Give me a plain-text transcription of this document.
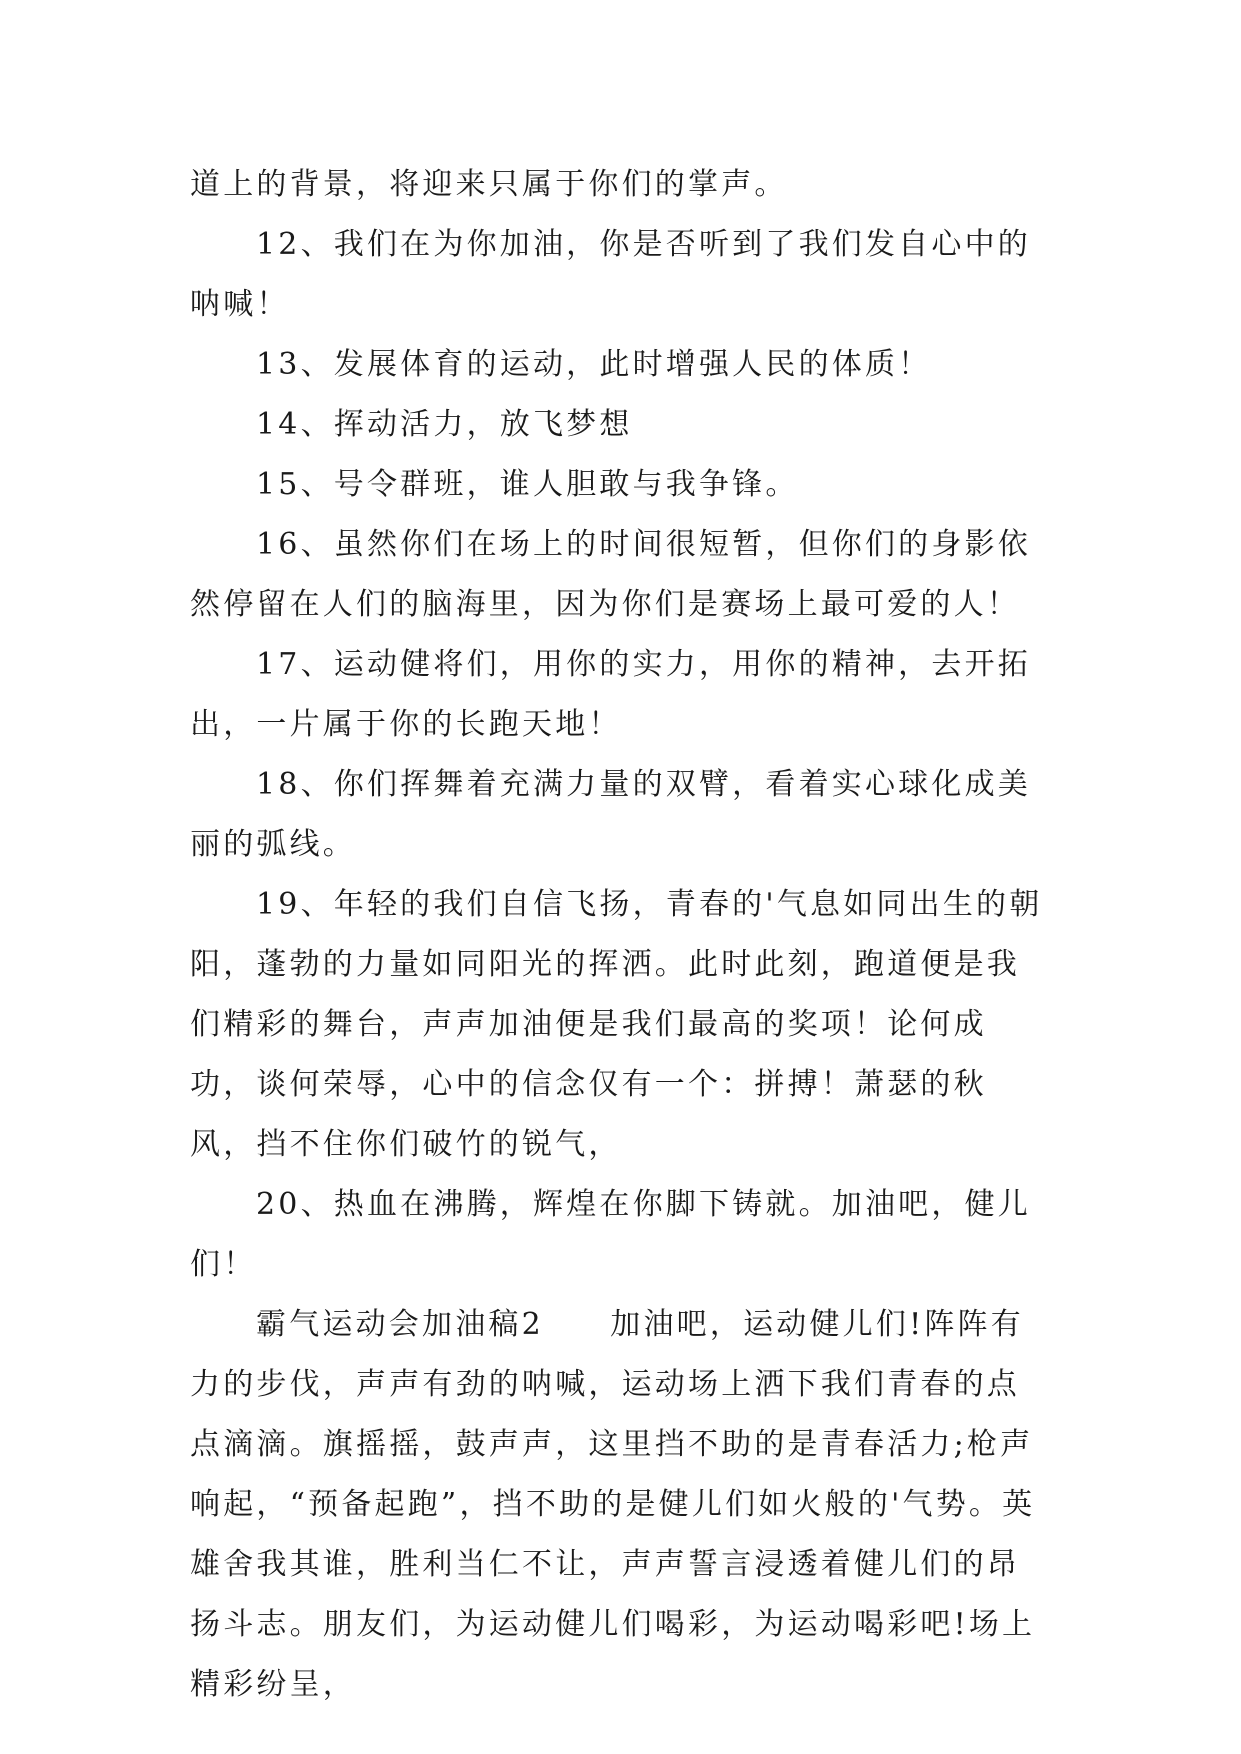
道上的背景，将迎来只属于你们的掌声。

12、我们在为你加油，你是否听到了我们发自心中的呐喊！

13、发展体育的运动，此时增强人民的体质！

14、挥动活力，放飞梦想

15、号令群班，谁人胆敢与我争锋。

16、虽然你们在场上的时间很短暂，但你们的身影依然停留在人们的脑海里，因为你们是赛场上最可爱的人！

17、运动健将们，用你的实力，用你的精神，去开拓出，一片属于你的长跑天地！

18、你们挥舞着充满力量的双臂，看着实心球化成美丽的弧线。

19、年轻的我们自信飞扬，青春的'气息如同出生的朝阳，蓬勃的力量如同阳光的挥洒。此时此刻，跑道便是我们精彩的舞台，声声加油便是我们最高的奖项！论何成功，谈何荣辱，心中的信念仅有一个：拼搏！萧瑟的秋风，挡不住你们破竹的锐气，

20、热血在沸腾，辉煌在你脚下铸就。加油吧，健儿们！

霸气运动会加油稿2　　加油吧，运动健儿们!阵阵有力的步伐，声声有劲的呐喊，运动场上洒下我们青春的点点滴滴。旗摇摇，鼓声声，这里挡不助的是青春活力;枪声响起，“预备起跑”，挡不助的是健儿们如火般的'气势。英雄舍我其谁，胜利当仁不让，声声誓言浸透着健儿们的昂扬斗志。朋友们，为运动健儿们喝彩，为运动喝彩吧!场上精彩纷呈，
